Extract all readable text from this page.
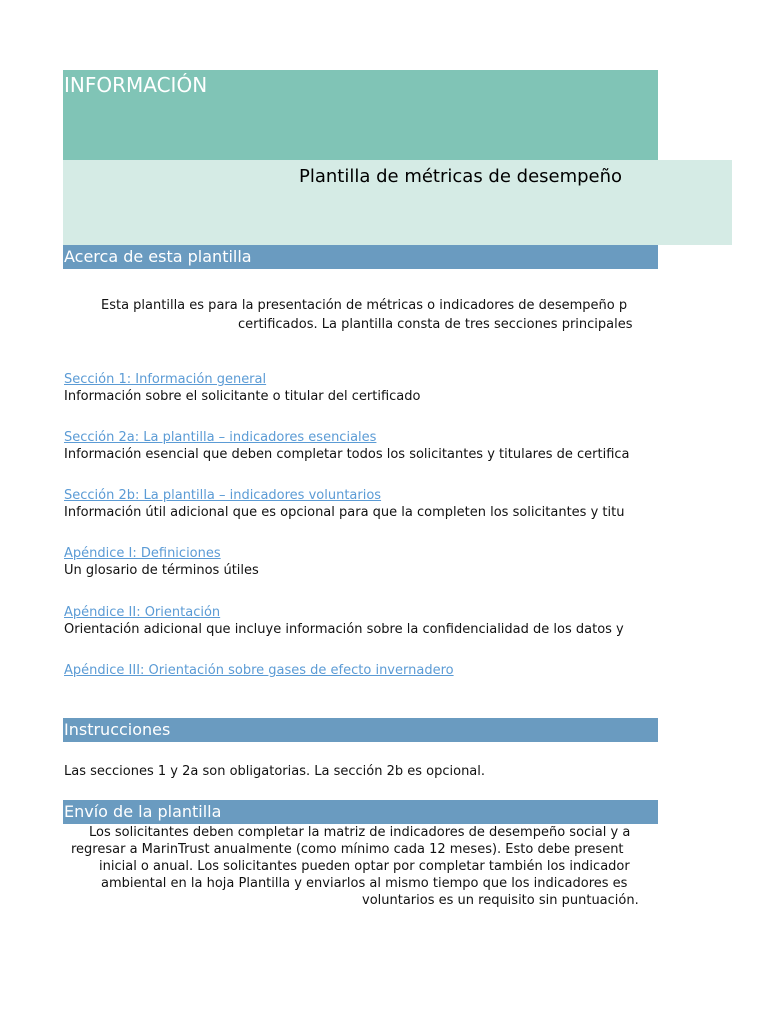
INFORMACIÓN
Plantilla de métricas de desempeño
Acerca de esta plantilla
Esta plantilla es para la presentación de métricas o indicadores de desempeño p
certificados. La plantilla consta de tres secciones principales
Sección 1: Información general
Información sobre el solicitante o titular del certificado
Sección 2a: La plantilla – indicadores esenciales
Información esencial que deben completar todos los solicitantes y titulares de certifica
Sección 2b: La plantilla – indicadores voluntarios
Información útil adicional que es opcional para que la completen los solicitantes y titu
Apéndice I: Definiciones
Un glosario de términos útiles
Apéndice II: Orientación
Orientación adicional que incluye información sobre la confidencialidad de los datos y
Apéndice III: Orientación sobre gases de efecto invernadero
Instrucciones
Las secciones 1 y 2a son obligatorias. La sección 2b es opcional.
Envío de la plantilla
Los solicitantes deben completar la matriz de indicadores de desempeño social y a
regresar a MarinTrust anualmente (como mínimo cada 12 meses). Esto debe present
inicial o anual. Los solicitantes pueden optar por completar también los indicador
ambiental en la hoja Plantilla y enviarlos al mismo tiempo que los indicadores es
voluntarios es un requisito sin puntuación.
